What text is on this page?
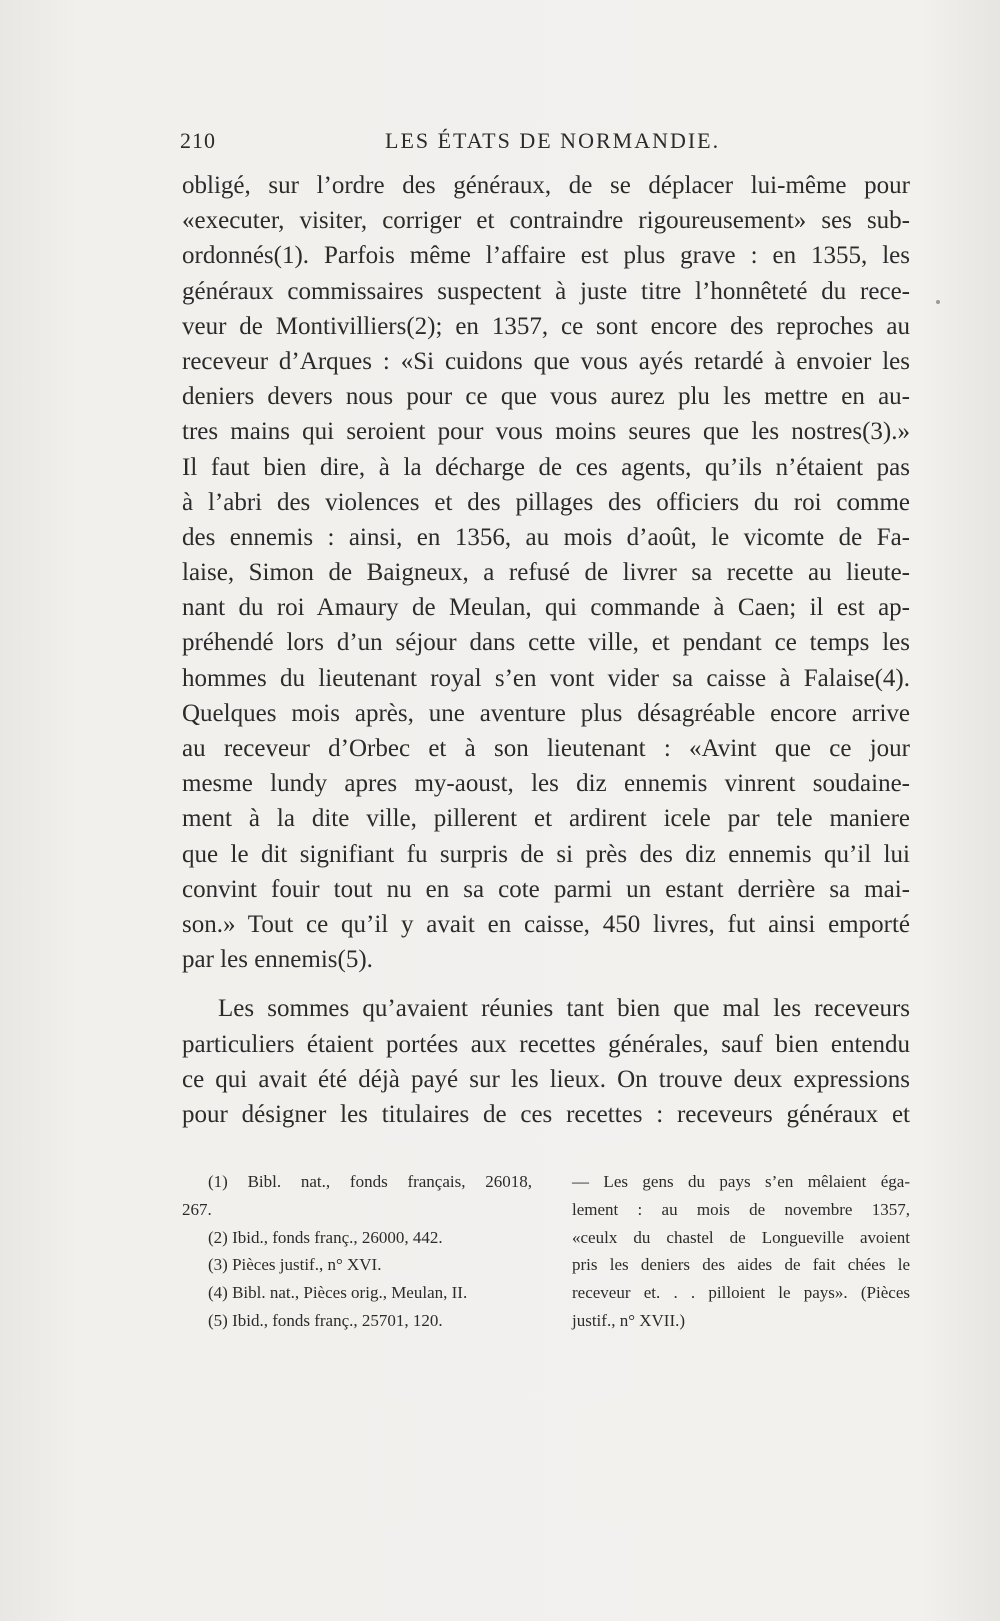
210	LES ÉTATS DE NORMANDIE.
obligé, sur l’ordre des généraux, de se déplacer lui-même pour
«executer, visiter, corriger et contraindre rigoureusement» ses sub-
ordonnés(1). Parfois même l’affaire est plus grave : en 1355, les
généraux commissaires suspectent à juste titre l’honnêteté du rece-
veur de Montivilliers(2); en 1357, ce sont encore des reproches au
receveur d’Arques : «Si cuidons que vous ayés retardé à envoier les
deniers devers nous pour ce que vous aurez plu les mettre en au-
tres mains qui seroient pour vous moins seures que les nostres(3).»
Il faut bien dire, à la décharge de ces agents, qu’ils n’étaient pas
à l’abri des violences et des pillages des officiers du roi comme
des ennemis : ainsi, en 1356, au mois d’août, le vicomte de Fa-
laise, Simon de Baigneux, a refusé de livrer sa recette au lieute-
nant du roi Amaury de Meulan, qui commande à Caen; il est ap-
préhendé lors d’un séjour dans cette ville, et pendant ce temps les
hommes du lieutenant royal s’en vont vider sa caisse à Falaise(4).
Quelques mois après, une aventure plus désagréable encore arrive
au receveur d’Orbec et à son lieutenant : «Avint que ce jour
mesme lundy apres my-aoust, les diz ennemis vinrent soudaine-
ment à la dite ville, pillerent et ardirent icele par tele maniere
que le dit signifiant fu surpris de si près des diz ennemis qu’il lui
convint fouir tout nu en sa cote parmi un estant derrière sa mai-
son.» Tout ce qu’il y avait en caisse, 450 livres, fut ainsi emporté
par les ennemis(5).
Les sommes qu’avaient réunies tant bien que mal les receveurs
particuliers étaient portées aux recettes générales, sauf bien entendu
ce qui avait été déjà payé sur les lieux. On trouve deux expressions
pour désigner les titulaires de ces recettes : receveurs généraux et
(1) Bibl. nat., fonds français, 26018,
267.
(2) Ibid., fonds franç., 26000, 442.
(3) Pièces justif., n° XVI.
(4) Bibl. nat., Pièces orig., Meulan, II.
(5) Ibid., fonds franç., 25701, 120.
— Les gens du pays s’en mêlaient éga-
lement : au mois de novembre 1357,
«ceulx du chastel de Longueville avoient
pris les deniers des aides de fait chées le
receveur et. . . pilloient le pays». (Pièces
justif., n° XVII.)
